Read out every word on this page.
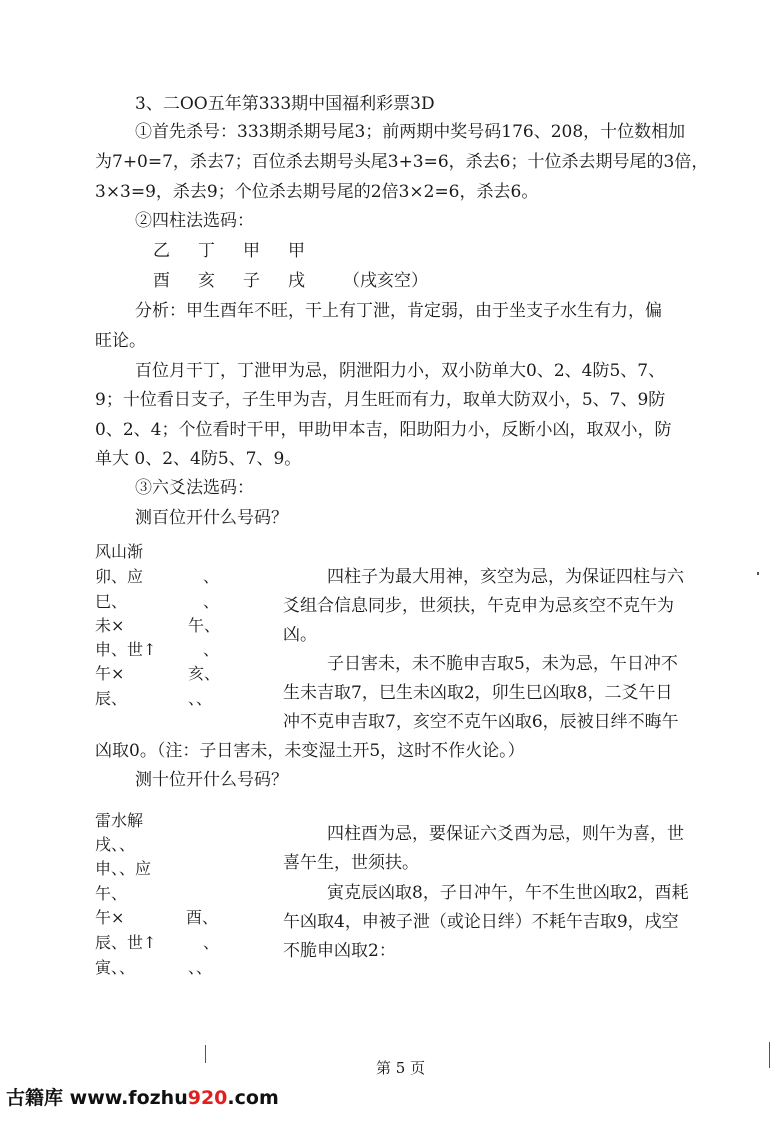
3、二OO五年第333期中国福利彩票3D
①首先杀号：333期杀期号尾3；前两期中奖号码176、208，十位数相加
为7+0=7，杀去7；百位杀去期号头尾3+3=6，杀去6；十位杀去期号尾的3倍，
3×3=9，杀去9；个位杀去期号尾的2倍3×2=6，杀去6。
②四柱法选码：
乙 丁 甲 甲
酉 亥 子 戌 （戌亥空）
分析：甲生酉年不旺，干上有丁泄，肯定弱，由于坐支子水生有力，偏
旺论。
百位月干丁，丁泄甲为忌，阴泄阳力小，双小防单大0、2、4防5、7、
9；十位看日支子，子生甲为吉，月生旺而有力，取单大防双小，5、7、9防
0、2、4；个位看时干甲，甲助甲本吉，阳助阳力小，反断小凶，取双小，防
单大 0、2、4防5、7、9。
③六爻法选码：
测百位开什么号码？
风山渐
卯、应	、
巳、	、
未×	午、
申、世↑	、
午×	亥、
辰、	、、
四柱子为最大用神，亥空为忌，为保证四柱与六
爻组合信息同步，世须扶，午克申为忌亥空不克午为
凶。
子日害未，未不脆申吉取5，未为忌，午日冲不
生未吉取7，巳生未凶取2，卯生巳凶取8，二爻午日
冲不克申吉取7，亥空不克午凶取6，辰被日绊不晦午
凶取0。（注：子日害未，未变湿土开5，这时不作火论。）
测十位开什么号码？
雷水解
戌、、
申、、应
午、
午×	酉、
辰、世↑	、
寅、、	、、
四柱酉为忌，要保证六爻酉为忌，则午为喜，世
喜午生，世须扶。
寅克辰凶取8，子日冲午，午不生世凶取2，酉耗
午凶取4，申被子泄（或论日绊）不耗午吉取9，戌空
不脆申凶取2：
第 5 页
古籍库 www.fozhu920.com
